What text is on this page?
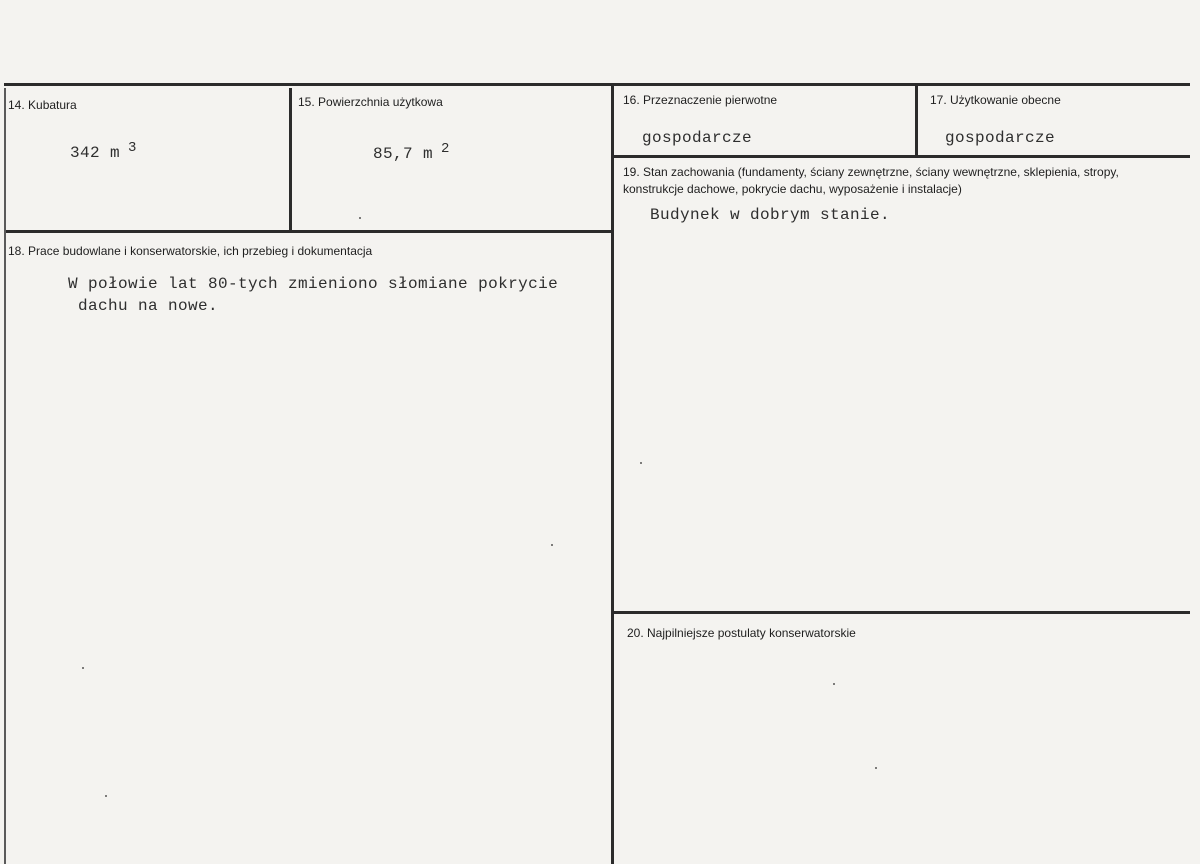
14. Kubatura
342 m $^3$
15. Powierzchnia użytkowa
85,7 m $^2$
16. Przeznaczenie pierwotne
gospodarcze
17. Użytkowanie obecne
gospodarcze
19. Stan zachowania (fundamenty, ściany zewnętrzne, ściany wewnętrzne, sklepienia, stropy, konstrukcje dachowe, pokrycie dachu, wyposażenie i instalacje)
Budynek w dobrym stanie.
18. Prace budowlane i konserwatorskie, ich przebieg i dokumentacja
W połowie lat 80-tych zmieniono słomiane pokrycie
dachu na nowe.
20. Najpilniejsze postulaty konserwatorskie
